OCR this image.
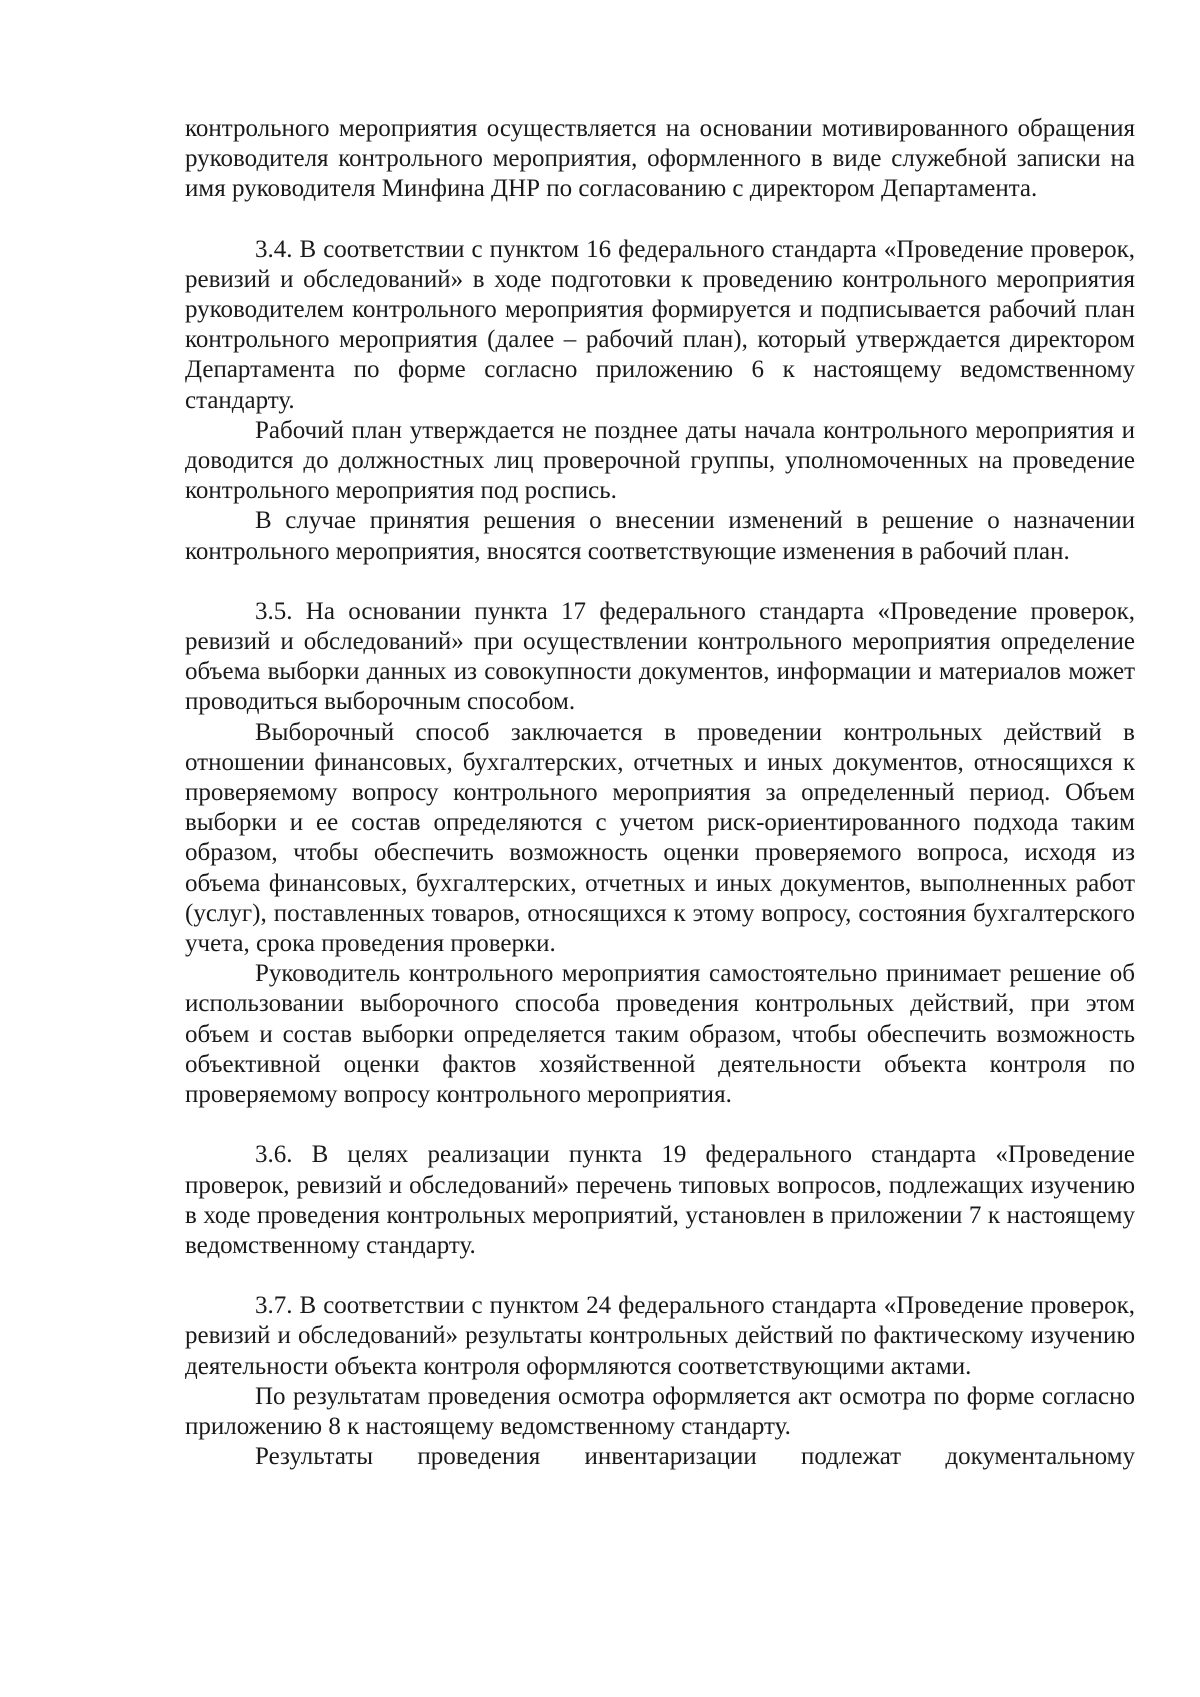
контрольного мероприятия осуществляется на основании мотивированного обращения руководителя контрольного мероприятия, оформленного в виде служебной записки на имя руководителя Минфина ДНР по согласованию с директором Департамента.

3.4. В соответствии с пунктом 16 федерального стандарта «Проведение проверок, ревизий и обследований» в ходе подготовки к проведению контрольного мероприятия руководителем контрольного мероприятия формируется и подписывается рабочий план контрольного мероприятия (далее – рабочий план), который утверждается директором Департамента по форме согласно приложению 6 к настоящему ведомственному стандарту.

Рабочий план утверждается не позднее даты начала контрольного мероприятия и доводится до должностных лиц проверочной группы, уполномоченных на проведение контрольного мероприятия под роспись.

В случае принятия решения о внесении изменений в решение о назначении контрольного мероприятия, вносятся соответствующие изменения в рабочий план.

3.5. На основании пункта 17 федерального стандарта «Проведение проверок, ревизий и обследований» при осуществлении контрольного мероприятия определение объема выборки данных из совокупности документов, информации и материалов может проводиться выборочным способом.

Выборочный способ заключается в проведении контрольных действий в отношении финансовых, бухгалтерских, отчетных и иных документов, относящихся к проверяемому вопросу контрольного мероприятия за определенный период. Объем выборки и ее состав определяются с учетом риск-ориентированного подхода таким образом, чтобы обеспечить возможность оценки проверяемого вопроса, исходя из объема финансовых, бухгалтерских, отчетных и иных документов, выполненных работ (услуг), поставленных товаров, относящихся к этому вопросу, состояния бухгалтерского учета, срока проведения проверки.

Руководитель контрольного мероприятия самостоятельно принимает решение об использовании выборочного способа проведения контрольных действий, при этом объем и состав выборки определяется таким образом, чтобы обеспечить возможность объективной оценки фактов хозяйственной деятельности объекта контроля по проверяемому вопросу контрольного мероприятия.

3.6. В целях реализации пункта 19 федерального стандарта «Проведение проверок, ревизий и обследований» перечень типовых вопросов, подлежащих изучению в ходе проведения контрольных мероприятий, установлен в приложении 7 к настоящему ведомственному стандарту.

3.7. В соответствии с пунктом 24 федерального стандарта «Проведение проверок, ревизий и обследований» результаты контрольных действий по фактическому изучению деятельности объекта контроля оформляются соответствующими актами.

По результатам проведения осмотра оформляется акт осмотра по форме согласно приложению 8 к настоящему ведомственному стандарту.

Результаты проведения инвентаризации подлежат документальному
